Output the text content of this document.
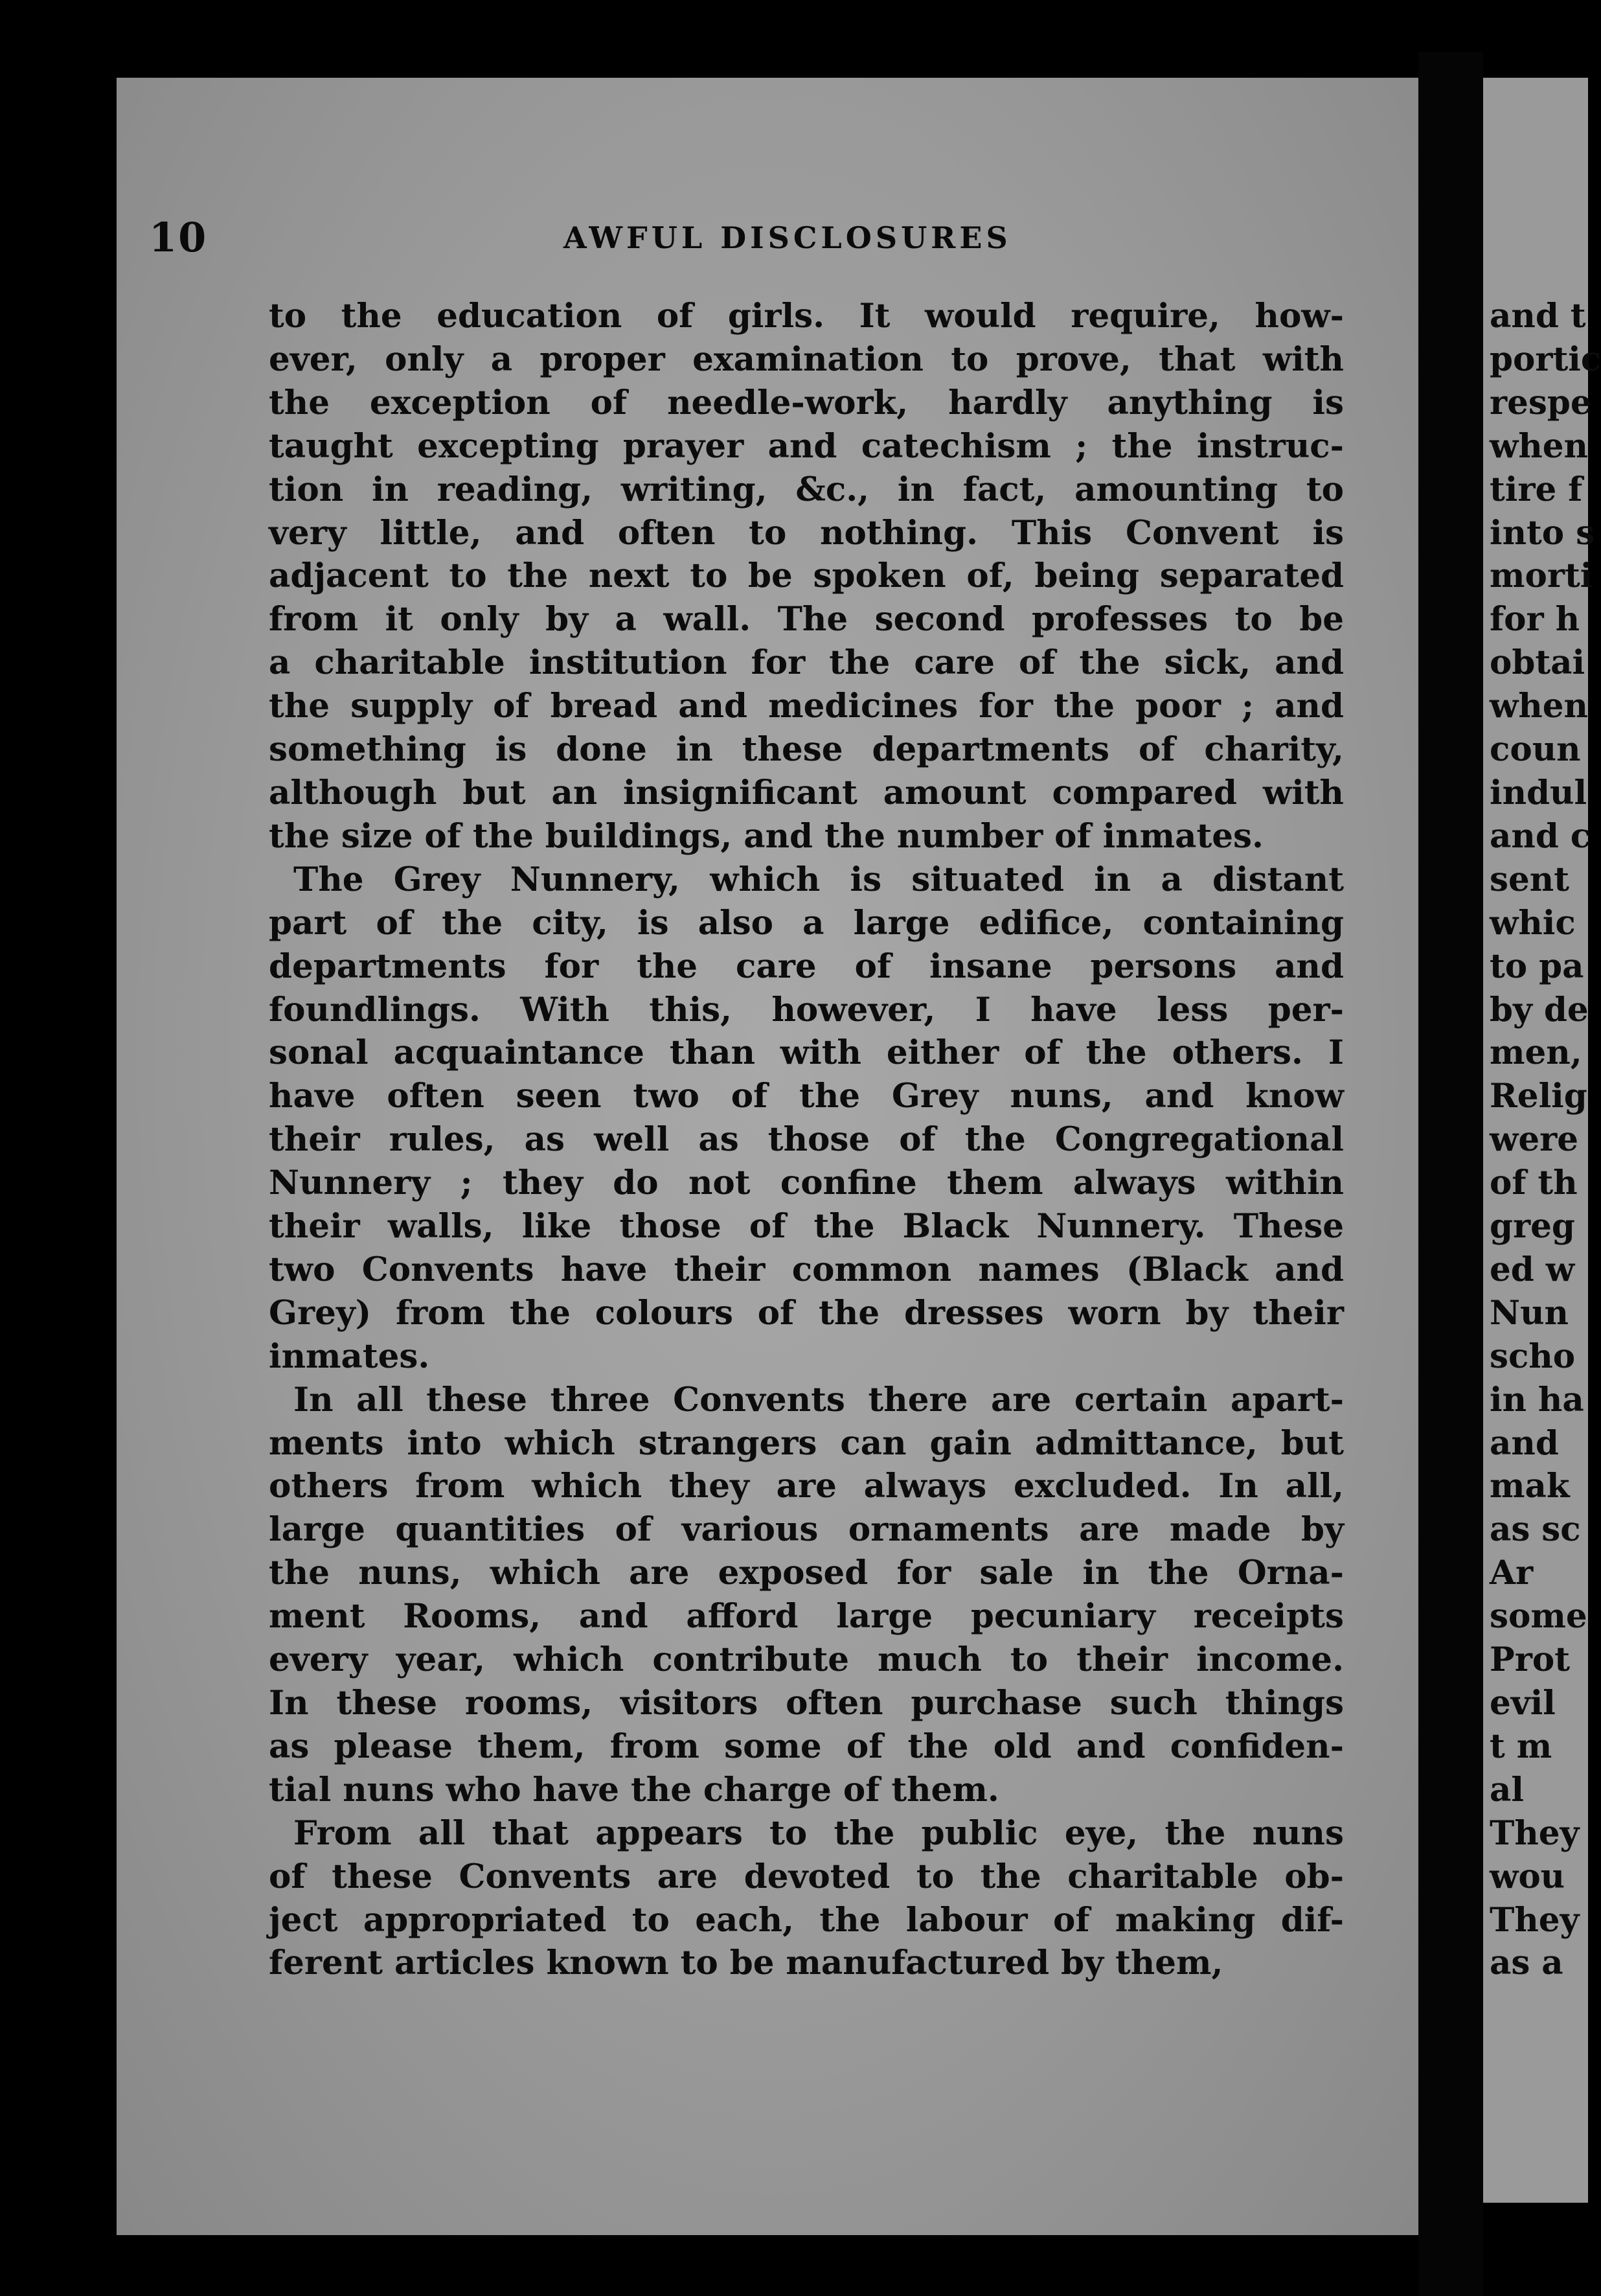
10	AWFUL DISCLOSURES
to the education of girls. It would require, how-
ever, only a proper examination to prove, that with
the exception of needle-work, hardly anything is
taught excepting prayer and catechism ; the instruc-
tion in reading, writing, &c., in fact, amounting to
very little, and often to nothing. This Convent is
adjacent to the next to be spoken of, being separated
from it only by a wall. The second professes to be
a charitable institution for the care of the sick, and
the supply of bread and medicines for the poor ; and
something is done in these departments of charity,
although but an insignificant amount compared with
the size of the buildings, and the number of inmates.
The Grey Nunnery, which is situated in a distant
part of the city, is also a large edifice, containing
departments for the care of insane persons and
foundlings. With this, however, I have less per-
sonal acquaintance than with either of the others. I
have often seen two of the Grey nuns, and know
their rules, as well as those of the Congregational
Nunnery ; they do not confine them always within
their walls, like those of the Black Nunnery. These
two Convents have their common names (Black and
Grey) from the colours of the dresses worn by their
inmates.
In all these three Convents there are certain apart-
ments into which strangers can gain admittance, but
others from which they are always excluded. In all,
large quantities of various ornaments are made by
the nuns, which are exposed for sale in the Orna-
ment Rooms, and afford large pecuniary receipts
every year, which contribute much to their income.
In these rooms, visitors often purchase such things
as please them, from some of the old and confiden-
tial nuns who have the charge of them.
From all that appears to the public eye, the nuns
of these Convents are devoted to the charitable ob-
ject appropriated to each, the labour of making dif-
ferent articles known to be manufactured by them,
and t
portic
respe
when
tire f
into s
morti
for h
obtai
when
coun
indul
and c
sent
whic
to pa
by de
men,
Relig
were
of th
greg
ed w
Nun
scho
in ha
and
mak
as sc
Ar
some
Prot
evil
t m
al
They
wou
They
as a
